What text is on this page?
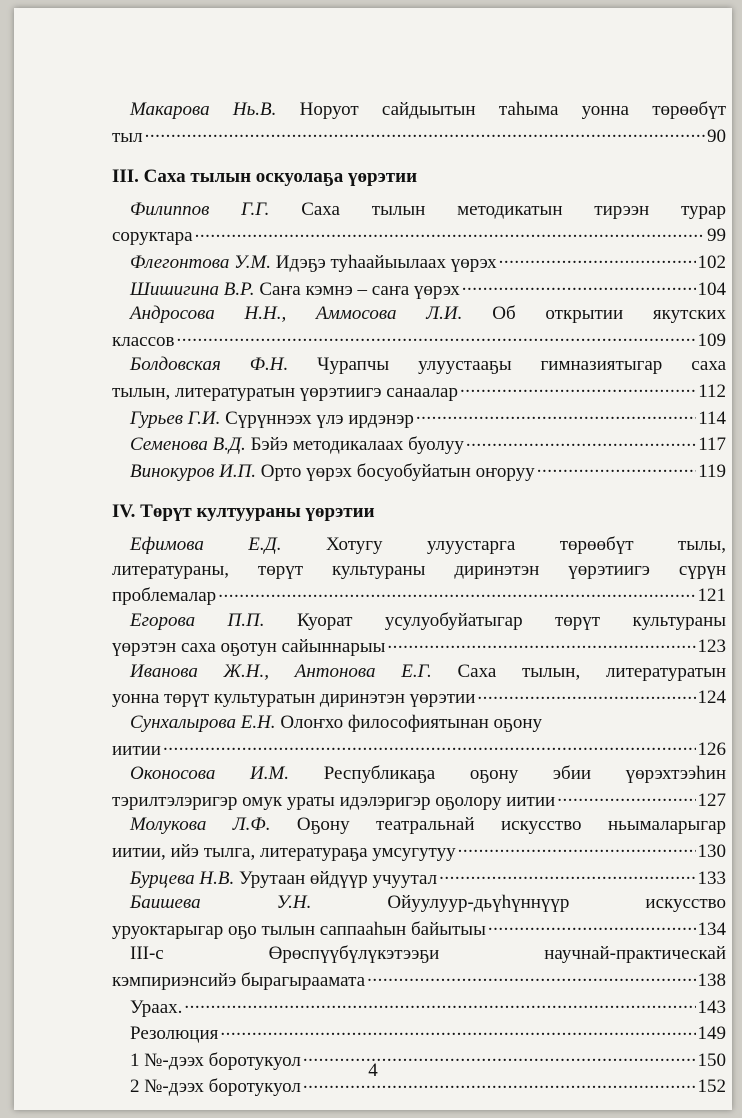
Макарова Нь.В. Норуот сайдыытын таһыма уонна төрөөбүт
тыл .....	90
III. Саха тылын оскуолаҕа үөрэтии
Филиппов Г.Г. Саха тылын методикатын тирээн турар
соруктара .....	99
Флегонтова У.М. Идэҕэ туһаайыылаах үөрэх .....	102
Шишигина В.Р. Саҥа кэмнэ – саҥа үөрэх .....	104
Андросова Н.Н., Аммосова Л.И. Об открытии якутских
классов .....	109
Болдовская Ф.Н. Чурапчы улуустааҕы гимназиятыгар саха
тылын, литературатын үөрэтиигэ санаалар .....	112
Гурьев Г.И. Сүрүннээх үлэ ирдэнэр .....	114
Семенова В.Д. Бэйэ методикалаах буолуу .....	117
Винокуров И.П. Орто үөрэх босуобуйатын оҥоруу .....	119
IV. Төрүт култуураны үөрэтии
Ефимова Е.Д. Хотугу улуустарга төрөөбүт тылы,
литератураны, төрүт культураны диринэтэн үөрэтиигэ сүрүн
проблемалар .....	121
Егорова П.П. Куорат усулуобуйатыгар төрүт культураны
үөрэтэн саха оҕотун сайыннарыы .....	123
Иванова Ж.Н., Антонова Е.Г. Саха тылын, литературатын
уонна төрүт культуратын диринэтэн үөрэтии .....	124
Сунхалырова Е.Н. Олоҥхо философиятынан оҕону
иитии .....	126
Оконосова И.М. Республикаҕа оҕону эбии үөрэхтээһин
тэрилтэлэригэр омук ураты идэлэригэр оҕолору иитии .....	127
Молукова Л.Ф. Оҕону театральнай искусство ньымаларыгар
иитии, ийэ тылга, литератураҕа умсугутуу .....	130
Бурцева Н.В. Урутаан өйдүүр учуутал .....	133
Баишева У.Н.	Ойуулуур-дьүһүннүүр искусство
уруоктарыгар оҕо тылын саппааһын байытыы .....	134
III-с Өрөспүүбүлүкэтээҕи научнай-практическай
кэмпириэнсийэ бырагыраамата .....	138
Ураах. .....	143
Резолюция .....	149
1 №-дээх боротукуол .....	150
2 №-дээх боротукуол .....	152
4
